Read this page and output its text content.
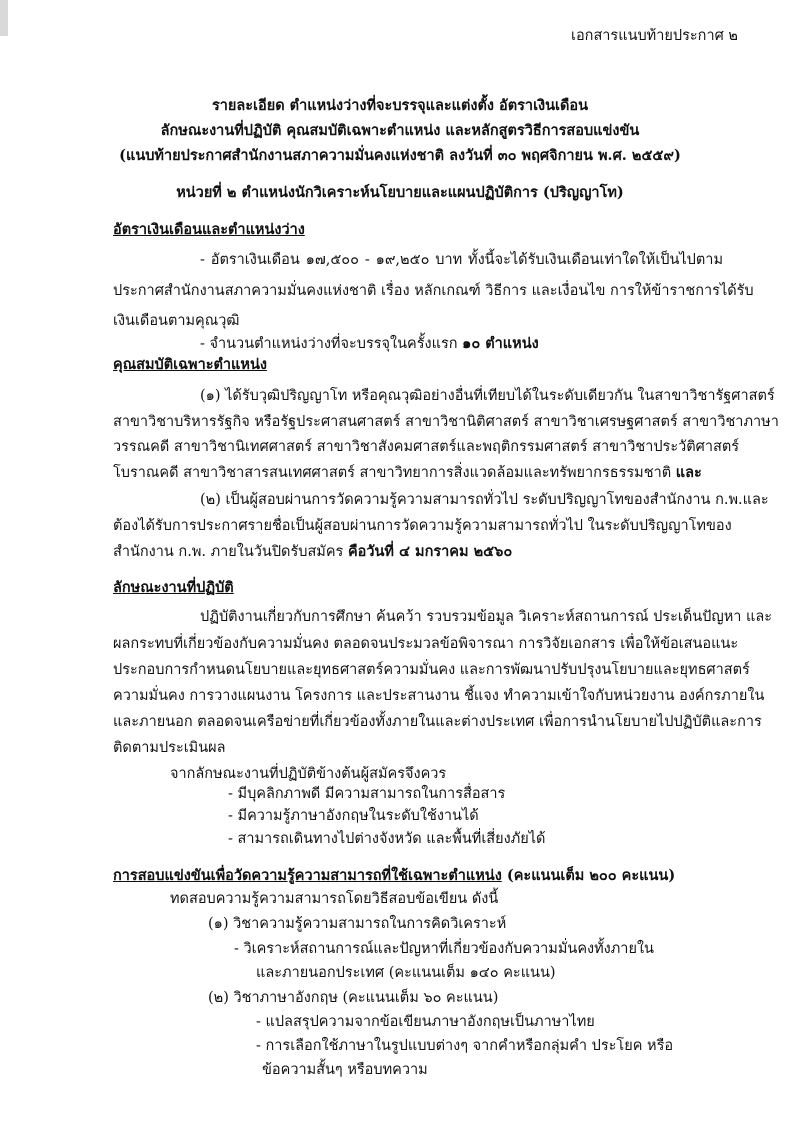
เอกสารแนบท้ายประกาศ ๒
รายละเอียด ตำแหน่งว่างที่จะบรรจุและแต่งตั้ง อัตราเงินเดือน
ลักษณะงานที่ปฏิบัติ คุณสมบัติเฉพาะตำแหน่ง และหลักสูตรวิธีการสอบแข่งขัน
(แนบท้ายประกาศสำนักงานสภาความมั่นคงแห่งชาติ ลงวันที่ ๓๐ พฤศจิกายน พ.ศ. ๒๕๕๙)
หน่วยที่ ๒ ตำแหน่งนักวิเคราะห์นโยบายและแผนปฏิบัติการ (ปริญญาโท)
อัตราเงินเดือนและตำแหน่งว่าง
- อัตราเงินเดือน ๑๗,๕๐๐ - ๑๙,๒๕๐ บาท ทั้งนี้จะได้รับเงินเดือนเท่าใดให้เป็นไปตาม
ประกาศสำนักงานสภาความมั่นคงแห่งชาติ เรื่อง หลักเกณฑ์ วิธีการ และเงื่อนไข การให้ข้าราชการได้รับ
เงินเดือนตามคุณวุฒิ
- จำนวนตำแหน่งว่างที่จะบรรจุในครั้งแรก ๑๐ ตำแหน่ง
คุณสมบัติเฉพาะตำแหน่ง
(๑) ได้รับวุฒิปริญญาโท หรือคุณวุฒิอย่างอื่นที่เทียบได้ในระดับเดียวกัน ในสาขาวิชารัฐศาสตร์
สาขาวิชาบริหารรัฐกิจ หรือรัฐประศาสนศาสตร์ สาขาวิชานิติศาสตร์ สาขาวิชาเศรษฐศาสตร์ สาขาวิชาภาษา
วรรณคดี สาขาวิชานิเทศศาสตร์ สาขาวิชาสังคมศาสตร์และพฤติกรรมศาสตร์ สาขาวิชาประวัติศาสตร์
โบราณคดี สาขาวิชาสารสนเทศศาสตร์ สาขาวิทยาการสิ่งแวดล้อมและทรัพยากรธรรมชาติ และ
(๒) เป็นผู้สอบผ่านการวัดความรู้ความสามารถทั่วไป ระดับปริญญาโทของสำนักงาน ก.พ.และ
ต้องได้รับการประกาศรายชื่อเป็นผู้สอบผ่านการวัดความรู้ความสามารถทั่วไป ในระดับปริญญาโทของ
สำนักงาน ก.พ. ภายในวันปิดรับสมัคร คือวันที่ ๔ มกราคม ๒๕๖๐
ลักษณะงานที่ปฏิบัติ
ปฏิบัติงานเกี่ยวกับการศึกษา ค้นคว้า รวบรวมข้อมูล วิเคราะห์สถานการณ์ ประเด็นปัญหา และ
ผลกระทบที่เกี่ยวข้องกับความมั่นคง ตลอดจนประมวลข้อพิจารณา การวิจัยเอกสาร เพื่อให้ข้อเสนอแนะ
ประกอบการกำหนดนโยบายและยุทธศาสตร์ความมั่นคง และการพัฒนาปรับปรุงนโยบายและยุทธศาสตร์
ความมั่นคง การวางแผนงาน โครงการ และประสานงาน ชี้แจง ทำความเข้าใจกับหน่วยงาน องค์กรภายใน
และภายนอก ตลอดจนเครือข่ายที่เกี่ยวข้องทั้งภายในและต่างประเทศ เพื่อการนำนโยบายไปปฏิบัติและการ
ติดตามประเมินผล
จากลักษณะงานที่ปฏิบัติข้างต้นผู้สมัครจึงควร
- มีบุคลิกภาพดี มีความสามารถในการสื่อสาร
- มีความรู้ภาษาอังกฤษในระดับใช้งานได้
- สามารถเดินทางไปต่างจังหวัด และพื้นที่เสี่ยงภัยได้
การสอบแข่งขันเพื่อวัดความรู้ความสามารถที่ใช้เฉพาะตำแหน่ง (คะแนนเต็ม ๒๐๐ คะแนน)
ทดสอบความรู้ความสามารถโดยวิธีสอบข้อเขียน ดังนี้
(๑) วิชาความรู้ความสามารถในการคิดวิเคราะห์
- วิเคราะห์สถานการณ์และปัญหาที่เกี่ยวข้องกับความมั่นคงทั้งภายใน
และภายนอกประเทศ (คะแนนเต็ม ๑๔๐ คะแนน)
(๒) วิชาภาษาอังกฤษ (คะแนนเต็ม ๖๐ คะแนน)
- แปลสรุปความจากข้อเขียนภาษาอังกฤษเป็นภาษาไทย
- การเลือกใช้ภาษาในรูปแบบต่างๆ จากคำหรือกลุ่มคำ ประโยค หรือ
ข้อความสั้นๆ หรือบทความ
